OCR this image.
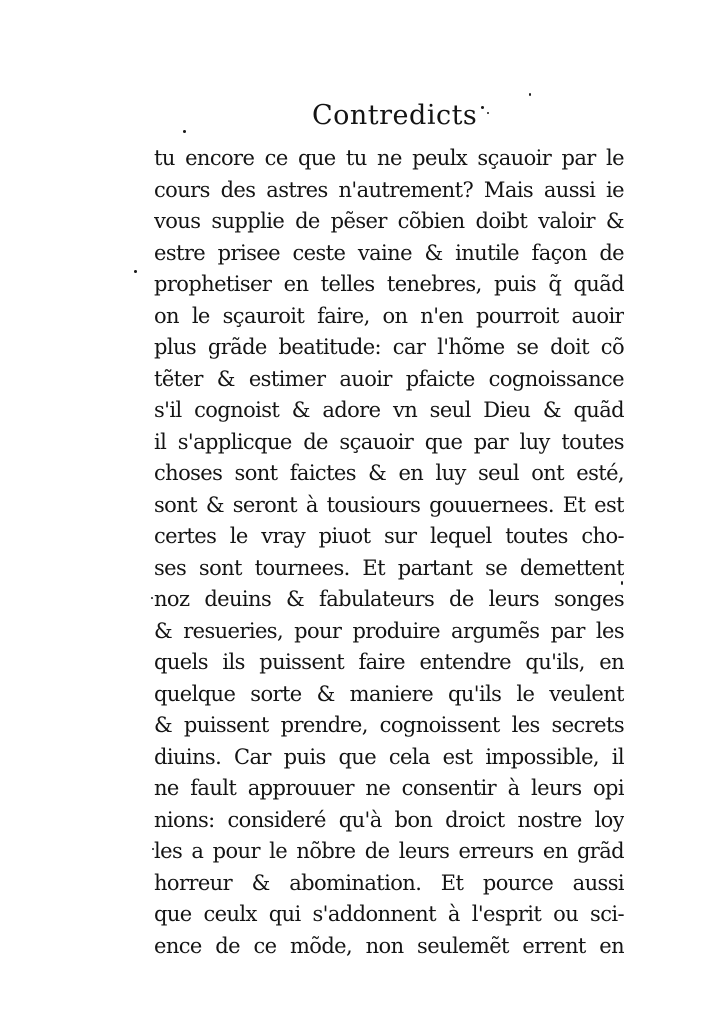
Contredicts
tu encore ce que tu ne peulx sçauoir par le
cours des astres n'autrement? Mais aussi ie
vous supplie de pẽser cõbien doibt valoir &
estre prisee ceste vaine & inutile façon de
prophetiser en telles tenebres, puis q̃ quãd
on le sçauroit faire, on n'en pourroit auoir
plus grãde beatitude: car l'hõme se doit cõ
tẽter & estimer auoir pfaicte cognoissance
s'il cognoist & adore vn seul Dieu & quãd
il s'applicque de sçauoir que par luy toutes
choses sont faictes & en luy seul ont esté,
sont & seront à tousiours gouuernees. Et est
certes le vray piuot sur lequel toutes cho-
ses sont tournees. Et partant se demettent
noz deuins & fabulateurs de leurs songes
& resueries, pour produire argumẽs par les
quels ils puissent faire entendre qu'ils, en
quelque sorte & maniere qu'ils le veulent
& puissent prendre, cognoissent les secrets
diuins. Car puis que cela est impossible, il
ne fault approuuer ne consentir à leurs opi
nions: consideré qu'à bon droict nostre loy
les a pour le nõbre de leurs erreurs en grãd
horreur & abomination. Et pource aussi
que ceulx qui s'addonnent à l'esprit ou sci-
ence de ce mõde, non seulemẽt errent en
